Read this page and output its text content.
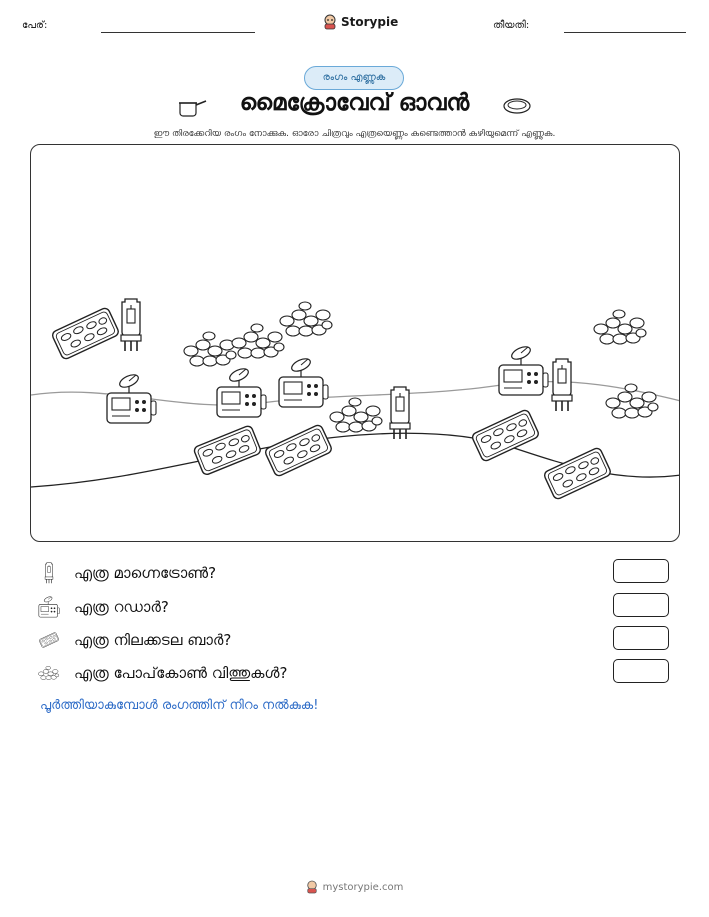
പേര്:	Storypie	തീയതി:
രംഗം എണ്ണുക
മൈക്രോവേവ് ഓവൻ
ഈ തിരക്കേറിയ രംഗം നോക്കുക. ഓരോ ചിത്രവും എത്രയെണ്ണം കണ്ടെത്താൻ കഴിയുമെന്ന് എണ്ണുക.
എത്ര മാഗ്നെട്രോൺ?
എത്ര റഡാർ?
എത്ര നിലക്കടല ബാർ?
എത്ര പോപ്‌കോൺ വിത്തുകൾ?
പൂർത്തിയാകുമ്പോൾ രംഗത്തിന് നിറം നൽകുക!
mystorypie.com
